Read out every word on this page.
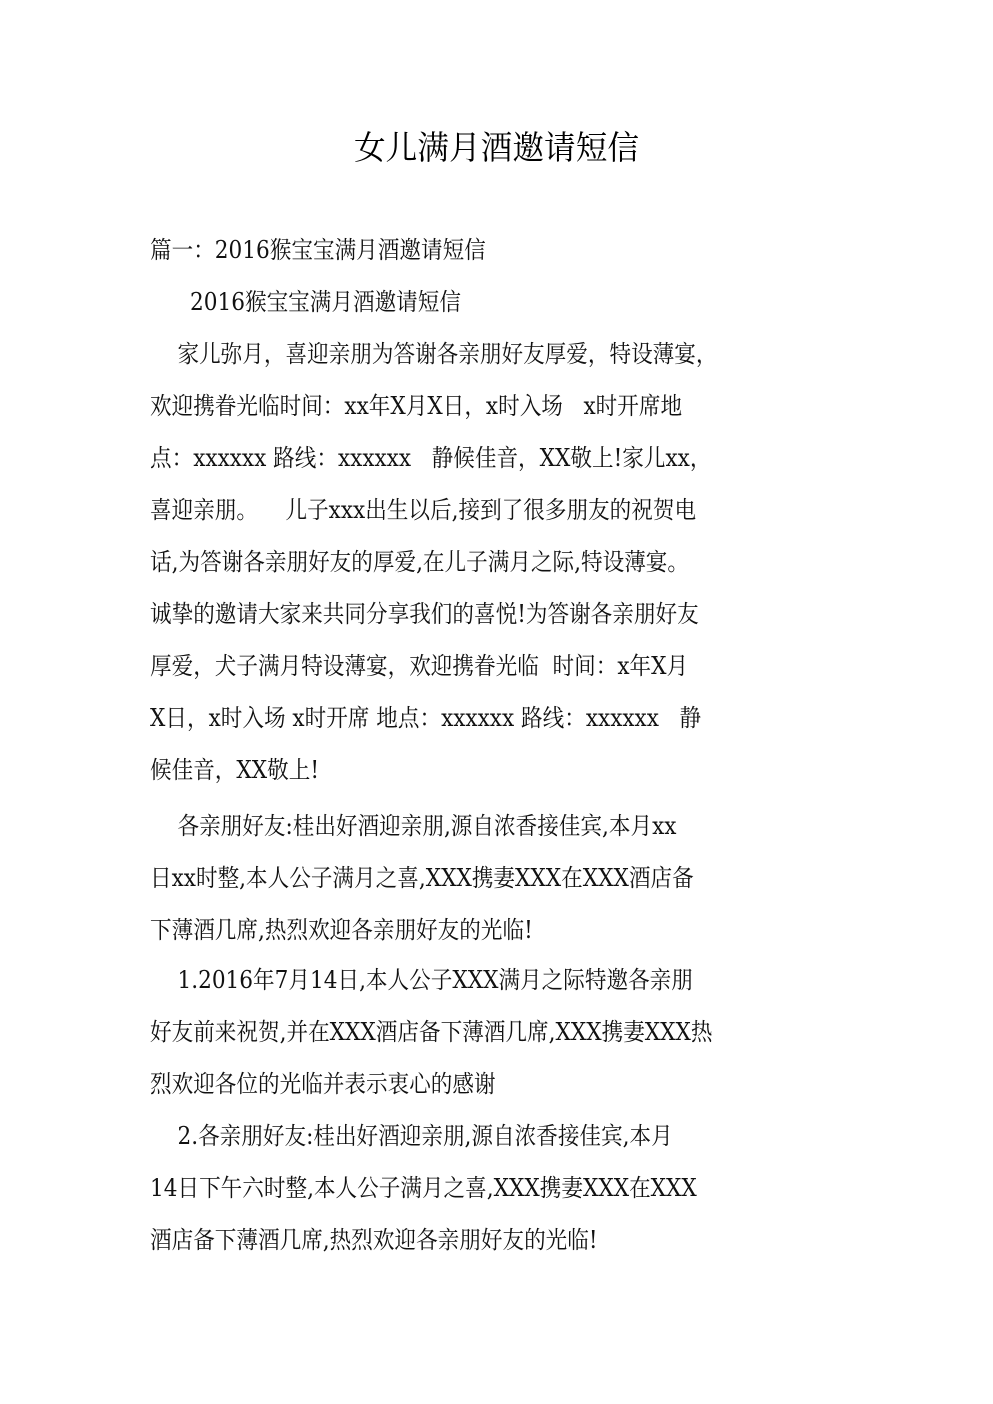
女儿满月酒邀请短信
篇一：2016猴宝宝满月酒邀请短信
2016猴宝宝满月酒邀请短信
家儿弥月，喜迎亲朋为答谢各亲朋好友厚爱，特设薄宴，
欢迎携眷光临时间：xx年X月X日，x时入场   x时开席地
点：xxxxxx 路线：xxxxxx   静候佳音，XX敬上!家儿xx，
喜迎亲朋。    儿子xxx出生以后,接到了很多朋友的祝贺电
话,为答谢各亲朋好友的厚爱,在儿子满月之际,特设薄宴。
诚挚的邀请大家来共同分享我们的喜悦!为答谢各亲朋好友
厚爱，犬子满月特设薄宴，欢迎携眷光临  时间：x年X月
X日，x时入场 x时开席 地点：xxxxxx 路线：xxxxxx   静
候佳音，XX敬上!
各亲朋好友:桂出好酒迎亲朋,源自浓香接佳宾,本月xx
日xx时整,本人公子满月之喜,XXX携妻XXX在XXX酒店备
下薄酒几席,热烈欢迎各亲朋好友的光临!
1.2016年7月14日,本人公子XXX满月之际特邀各亲朋
好友前来祝贺,并在XXX酒店备下薄酒几席,XXX携妻XXX热
烈欢迎各位的光临并表示衷心的感谢
2.各亲朋好友:桂出好酒迎亲朋,源自浓香接佳宾,本月
14日下午六时整,本人公子满月之喜,XXX携妻XXX在XXX
酒店备下薄酒几席,热烈欢迎各亲朋好友的光临!
